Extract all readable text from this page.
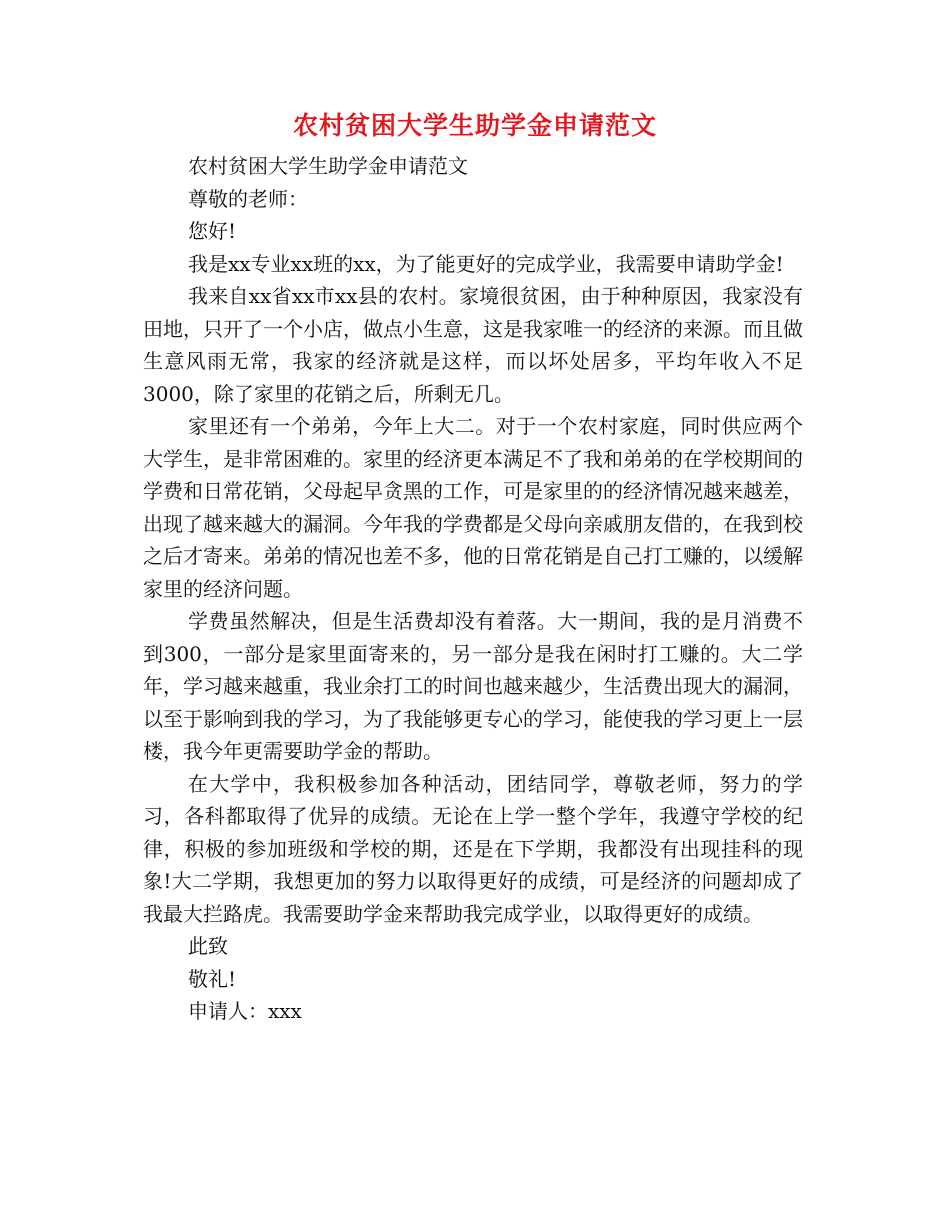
农村贫困大学生助学金申请范文

农村贫困大学生助学金申请范文

尊敬的老师：

您好!

我是xx专业xx班的xx，为了能更好的完成学业，我需要申请助学金!

我来自xx省xx市xx县的农村。家境很贫困，由于种种原因，我家没有田地，只开了一个小店，做点小生意，这是我家唯一的经济的来源。而且做生意风雨无常，我家的经济就是这样，而以坏处居多，平均年收入不足3000，除了家里的花销之后，所剩无几。

家里还有一个弟弟，今年上大二。对于一个农村家庭，同时供应两个大学生，是非常困难的。家里的经济更本满足不了我和弟弟的在学校期间的学费和日常花销，父母起早贪黑的工作，可是家里的的经济情况越来越差，出现了越来越大的漏洞。今年我的学费都是父母向亲戚朋友借的，在我到校之后才寄来。弟弟的情况也差不多，他的日常花销是自己打工赚的，以缓解家里的经济问题。

学费虽然解决，但是生活费却没有着落。大一期间，我的是月消费不到300，一部分是家里面寄来的，另一部分是我在闲时打工赚的。大二学年，学习越来越重，我业余打工的时间也越来越少，生活费出现大的漏洞，以至于影响到我的学习，为了我能够更专心的学习，能使我的学习更上一层楼，我今年更需要助学金的帮助。

在大学中，我积极参加各种活动，团结同学，尊敬老师，努力的学习，各科都取得了优异的成绩。无论在上学一整个学年，我遵守学校的纪律，积极的参加班级和学校的期，还是在下学期，我都没有出现挂科的现象!大二学期，我想更加的努力以取得更好的成绩，可是经济的问题却成了我最大拦路虎。我需要助学金来帮助我完成学业，以取得更好的成绩。

此致

敬礼!

申请人：xxx
